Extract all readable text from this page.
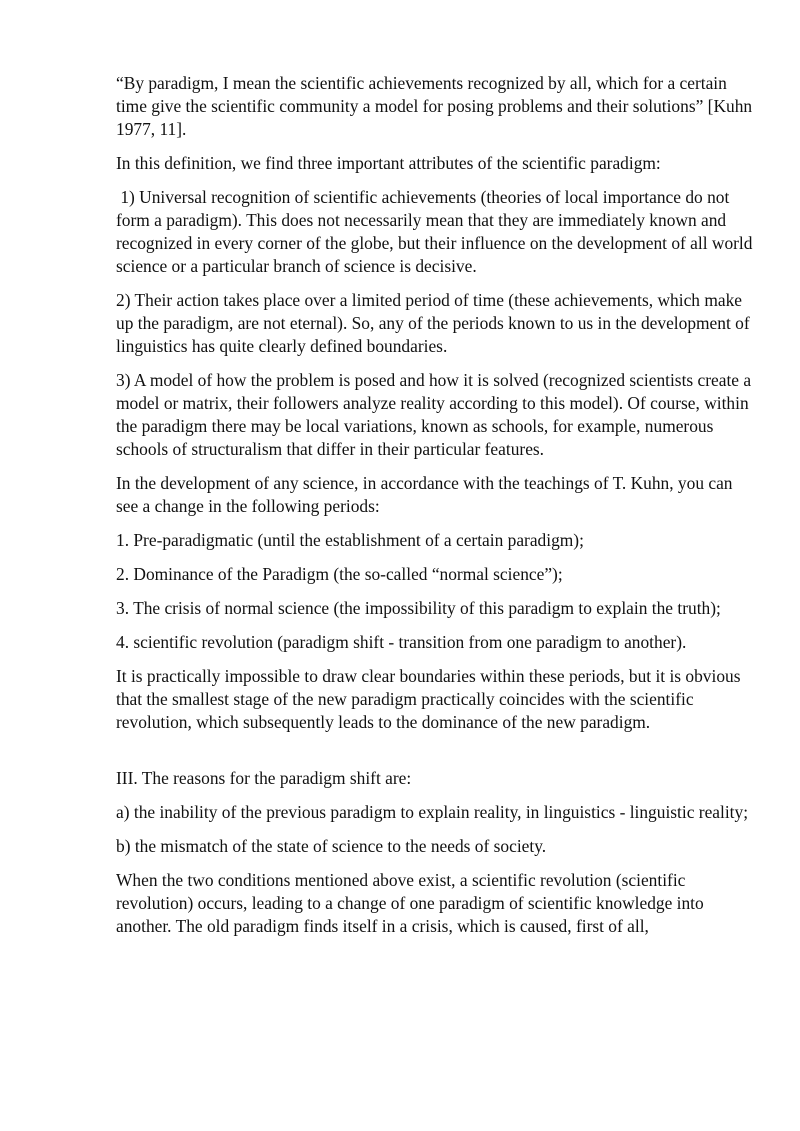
“By paradigm, I mean the scientific achievements recognized by all, which for a certain time give the scientific community a model for posing problems and their solutions” [Kuhn 1977, 11].

In this definition, we find three important attributes of the scientific paradigm:

1) Universal recognition of scientific achievements (theories of local importance do not form a paradigm). This does not necessarily mean that they are immediately known and recognized in every corner of the globe, but their influence on the development of all world science or a particular branch of science is decisive.

2) Their action takes place over a limited period of time (these achievements, which make up the paradigm, are not eternal). So, any of the periods known to us in the development of linguistics has quite clearly defined boundaries.

3) A model of how the problem is posed and how it is solved (recognized scientists create a model or matrix, their followers analyze reality according to this model). Of course, within the paradigm there may be local variations, known as schools, for example, numerous schools of structuralism that differ in their particular features.

In the development of any science, in accordance with the teachings of T. Kuhn, you can see a change in the following periods:

1. Pre-paradigmatic (until the establishment of a certain paradigm);

2. Dominance of the Paradigm (the so-called “normal science”);

3. The crisis of normal science (the impossibility of this paradigm to explain the truth);

4. scientific revolution (paradigm shift - transition from one paradigm to another).

It is practically impossible to draw clear boundaries within these periods, but it is obvious that the smallest stage of the new paradigm practically coincides with the scientific revolution, which subsequently leads to the dominance of the new paradigm.

III. The reasons for the paradigm shift are:

a) the inability of the previous paradigm to explain reality, in linguistics - linguistic reality;

b) the mismatch of the state of science to the needs of society.

When the two conditions mentioned above exist, a scientific revolution (scientific revolution) occurs, leading to a change of one paradigm of scientific knowledge into another. The old paradigm finds itself in a crisis, which is caused, first of all,
